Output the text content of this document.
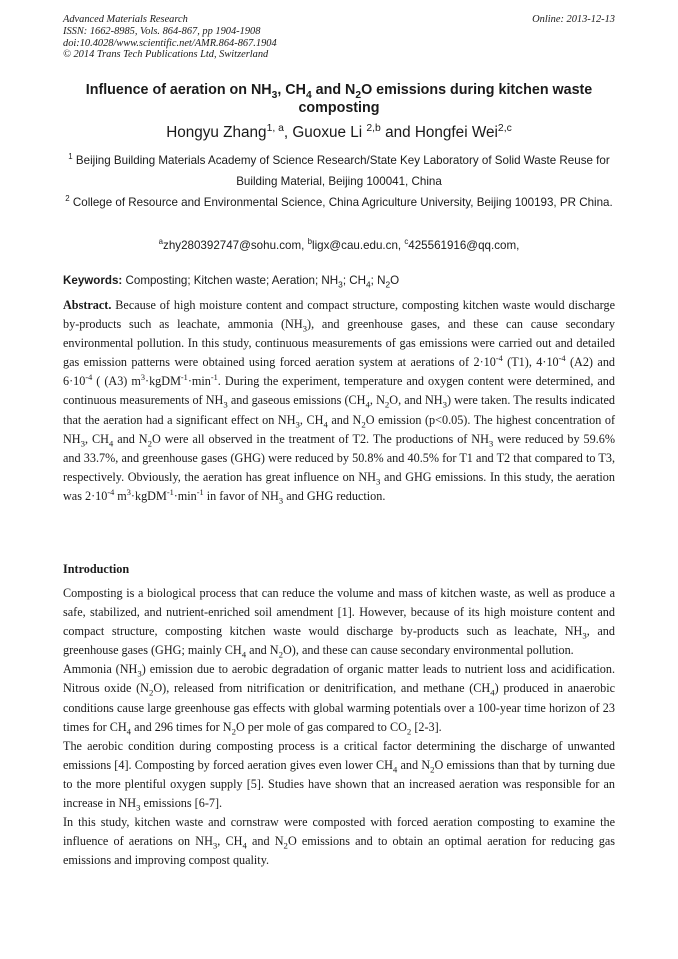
Advanced Materials Research
ISSN: 1662-8985, Vols. 864-867, pp 1904-1908
doi:10.4028/www.scientific.net/AMR.864-867.1904
© 2014 Trans Tech Publications Ltd, Switzerland
Online: 2013-12-13
Influence of aeration on $NH_3$, $CH_4$ and $N_2O$ emissions during kitchen waste composting
Hongyu Zhang$^{1, a}$, Guoxue Li $^{2,b}$ and Hongfei Wei$^{2,c}$
$^1$ Beijing Building Materials Academy of Science Research/State Key Laboratory of Solid Waste Reuse for Building Material, Beijing 100041, China
$^2$ College of Resource and Environmental Science, China Agriculture University, Beijing 100193, PR China.
$^a$zhy280392747@sohu.com, $^b$ligx@cau.edu.cn, $^c$425561916@qq.com,
Keywords: Composting; Kitchen waste; Aeration; $NH_3$; $CH_4$; $N_2O$
Abstract. Because of high moisture content and compact structure, composting kitchen waste would discharge by-products such as leachate, ammonia $(NH_3)$, and greenhouse gases, and these can cause secondary environmental pollution. In this study, continuous measurements of gas emissions were carried out and detailed gas emission patterns were obtained using forced aeration system at aerations of $2\cdot 10^{-4}$ (T1), $4\cdot 10^{-4}$ (A2) and $6\cdot 10^{-4}$ ( (A3) $m^3\cdot kgDM^{-1}\cdot\min^{-1}$. During the experiment, temperature and oxygen content were determined, and continuous measurements of $NH_3$ and gaseous emissions ($CH_4$, $N_2O$, and $NH_3$) were taken. The results indicated that the aeration had a significant effect on $NH_3$, $CH_4$ and $N_2O$ emission (p<0.05). The highest concentration of $NH_3$, $CH_4$ and $N_2O$ were all observed in the treatment of T2. The productions of $NH_3$ were reduced by 59.6% and 33.7%, and greenhouse gases (GHG) were reduced by 50.8% and 40.5% for T1 and T2 that compared to T3, respectively. Obviously, the aeration has great influence on $NH_3$ and GHG emissions. In this study, the aeration was $2\cdot 10^{-4}$ $m^3\cdot kgDM^{-1}\cdot\min^{-1}$ in favor of $NH_3$ and GHG reduction.
Introduction

Composting is a biological process that can reduce the volume and mass of kitchen waste, as well as produce a safe, stabilized, and nutrient-enriched soil amendment [1]. However, because of its high moisture content and compact structure, composting kitchen waste would discharge by-products such as leachate, $NH_3$, and greenhouse gases (GHG; mainly $CH_4$ and $N_2O$), and these can cause secondary environmental pollution.

Ammonia $(NH_3)$ emission due to aerobic degradation of organic matter leads to nutrient loss and acidification. Nitrous oxide $(N_2O)$, released from nitrification or denitrification, and methane $(CH_4)$ produced in anaerobic conditions cause large greenhouse gas effects with global warming potentials over a 100-year time horizon of 23 times for $CH_4$ and 296 times for $N_2O$ per mole of gas compared to $CO_2$ [2-3].

The aerobic condition during composting process is a critical factor determining the discharge of unwanted emissions [4]. Composting by forced aeration gives even lower $CH_4$ and $N_2O$ emissions than that by turning due to the more plentiful oxygen supply [5]. Studies have shown that an increased aeration was responsible for an increase in $NH_3$ emissions [6-7].

In this study, kitchen waste and cornstraw were composted with forced aeration composting to examine the influence of aerations on $NH_3$, $CH_4$ and $N_2O$ emissions and to obtain an optimal aeration for reducing gas emissions and improving compost quality.
